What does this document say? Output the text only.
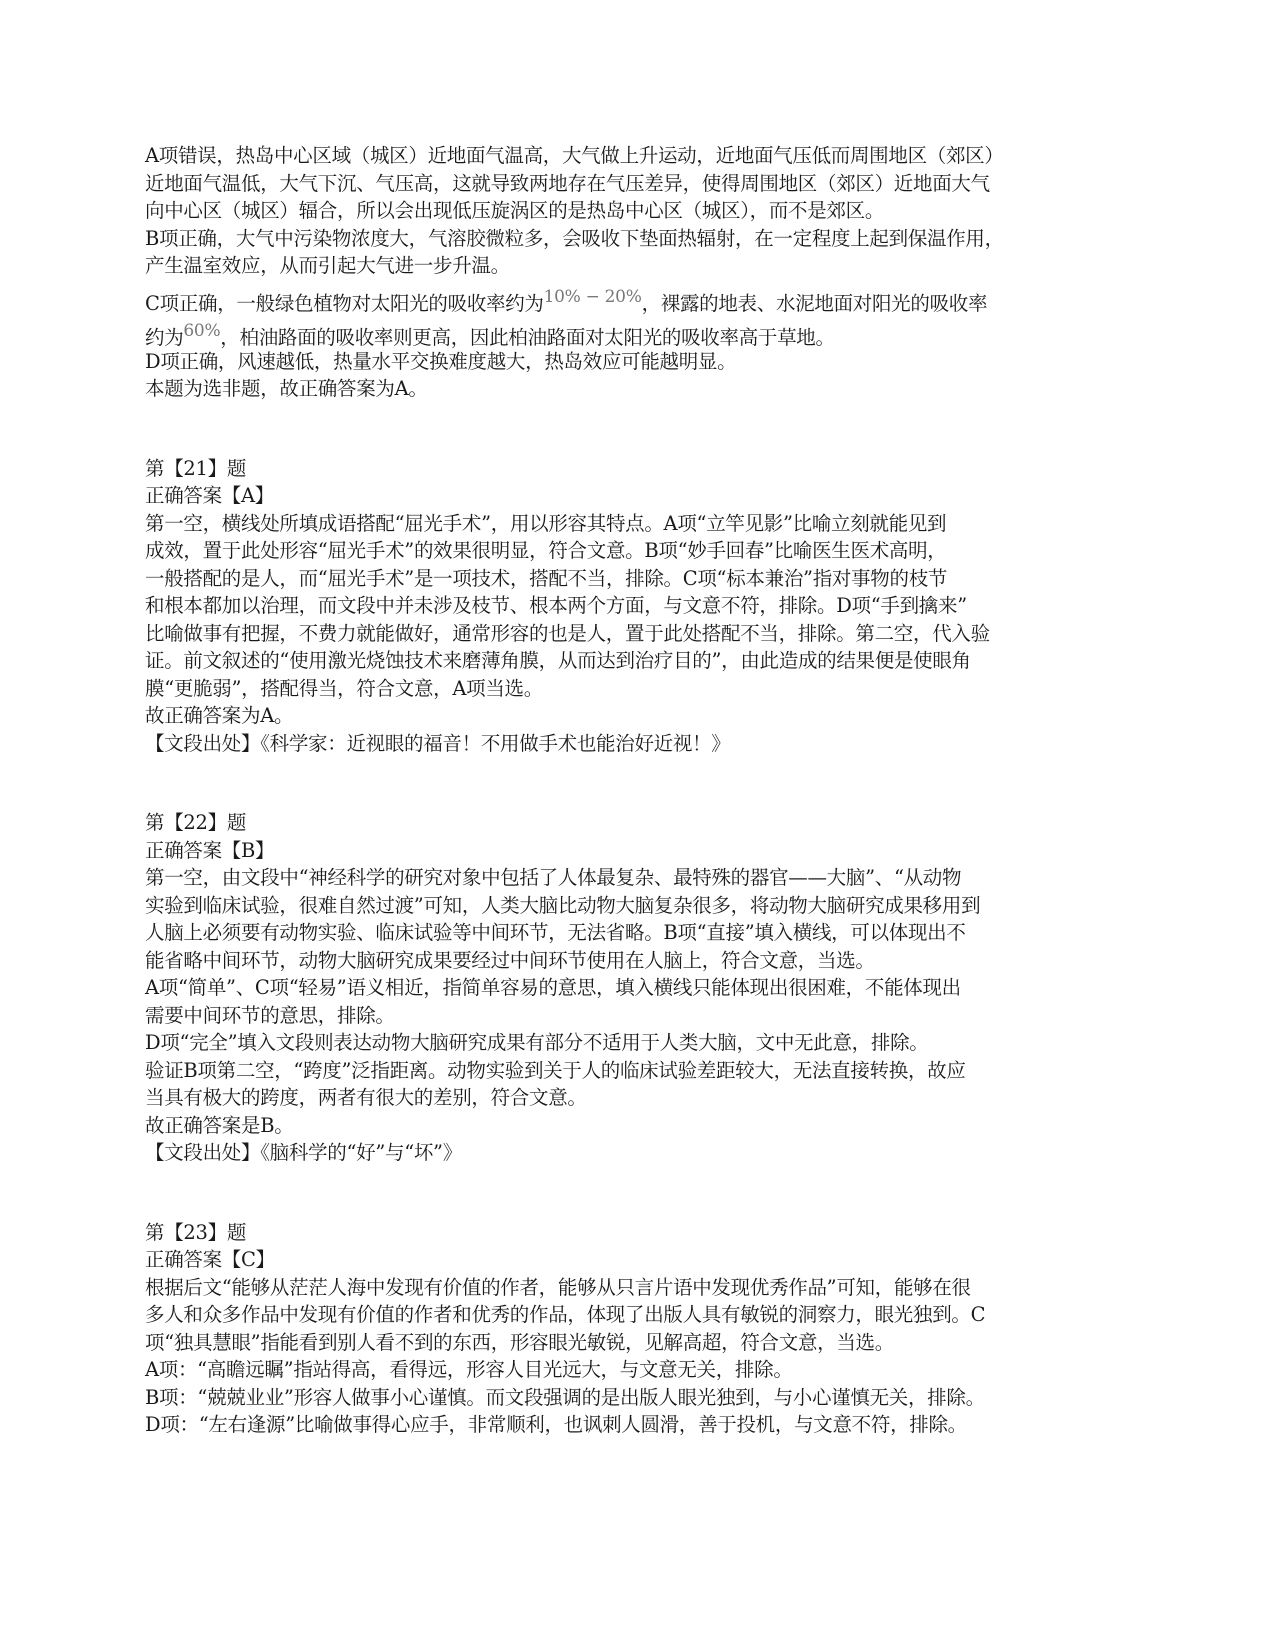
A项错误，热岛中心区域（城区）近地面气温高，大气做上升运动，近地面气压低而周围地区（郊区）
近地面气温低，大气下沉、气压高，这就导致两地存在气压差异，使得周围地区（郊区）近地面大气
向中心区（城区）辐合，所以会出现低压旋涡区的是热岛中心区（城区），而不是郊区。
B项正确，大气中污染物浓度大，气溶胶微粒多，会吸收下垫面热辐射，在一定程度上起到保温作用，
产生温室效应，从而引起大气进一步升温。
C项正确，一般绿色植物对太阳光的吸收率约为10% − 20%，裸露的地表、水泥地面对阳光的吸收率
约为60%，柏油路面的吸收率则更高，因此柏油路面对太阳光的吸收率高于草地。
D项正确，风速越低，热量水平交换难度越大，热岛效应可能越明显。
本题为选非题，故正确答案为A。
第【21】题
正确答案【A】
第一空，横线处所填成语搭配“屈光手术”，用以形容其特点。A项“立竿见影”比喻立刻就能见到
成效，置于此处形容“屈光手术”的效果很明显，符合文意。B项“妙手回春”比喻医生医术高明，
一般搭配的是人，而“屈光手术”是一项技术，搭配不当，排除。C项“标本兼治”指对事物的枝节
和根本都加以治理，而文段中并未涉及枝节、根本两个方面，与文意不符，排除。D项“手到擒来”
比喻做事有把握，不费力就能做好，通常形容的也是人，置于此处搭配不当，排除。第二空，代入验
证。前文叙述的“使用激光烧蚀技术来磨薄角膜，从而达到治疗目的”，由此造成的结果便是使眼角
膜“更脆弱”，搭配得当，符合文意，A项当选。
故正确答案为A。
【文段出处】《科学家：近视眼的福音！不用做手术也能治好近视！》
第【22】题
正确答案【B】
第一空，由文段中“神经科学的研究对象中包括了人体最复杂、最特殊的器官——大脑”、“从动物
实验到临床试验，很难自然过渡”可知，人类大脑比动物大脑复杂很多，将动物大脑研究成果移用到
人脑上必须要有动物实验、临床试验等中间环节，无法省略。B项“直接”填入横线，可以体现出不
能省略中间环节，动物大脑研究成果要经过中间环节使用在人脑上，符合文意，当选。
A项“简单”、C项“轻易”语义相近，指简单容易的意思，填入横线只能体现出很困难，不能体现出
需要中间环节的意思，排除。
D项“完全”填入文段则表达动物大脑研究成果有部分不适用于人类大脑，文中无此意，排除。
验证B项第二空，“跨度”泛指距离。动物实验到关于人的临床试验差距较大，无法直接转换，故应
当具有极大的跨度，两者有很大的差别，符合文意。
故正确答案是B。
【文段出处】《脑科学的“好”与“坏”》
第【23】题
正确答案【C】
根据后文“能够从茫茫人海中发现有价值的作者，能够从只言片语中发现优秀作品”可知，能够在很
多人和众多作品中发现有价值的作者和优秀的作品，体现了出版人具有敏锐的洞察力，眼光独到。C
项“独具慧眼”指能看到别人看不到的东西，形容眼光敏锐，见解高超，符合文意，当选。
A项：“高瞻远瞩”指站得高，看得远，形容人目光远大，与文意无关，排除。
B项：“兢兢业业”形容人做事小心谨慎。而文段强调的是出版人眼光独到，与小心谨慎无关，排除。
D项：“左右逢源”比喻做事得心应手，非常顺利，也讽刺人圆滑，善于投机，与文意不符，排除。
